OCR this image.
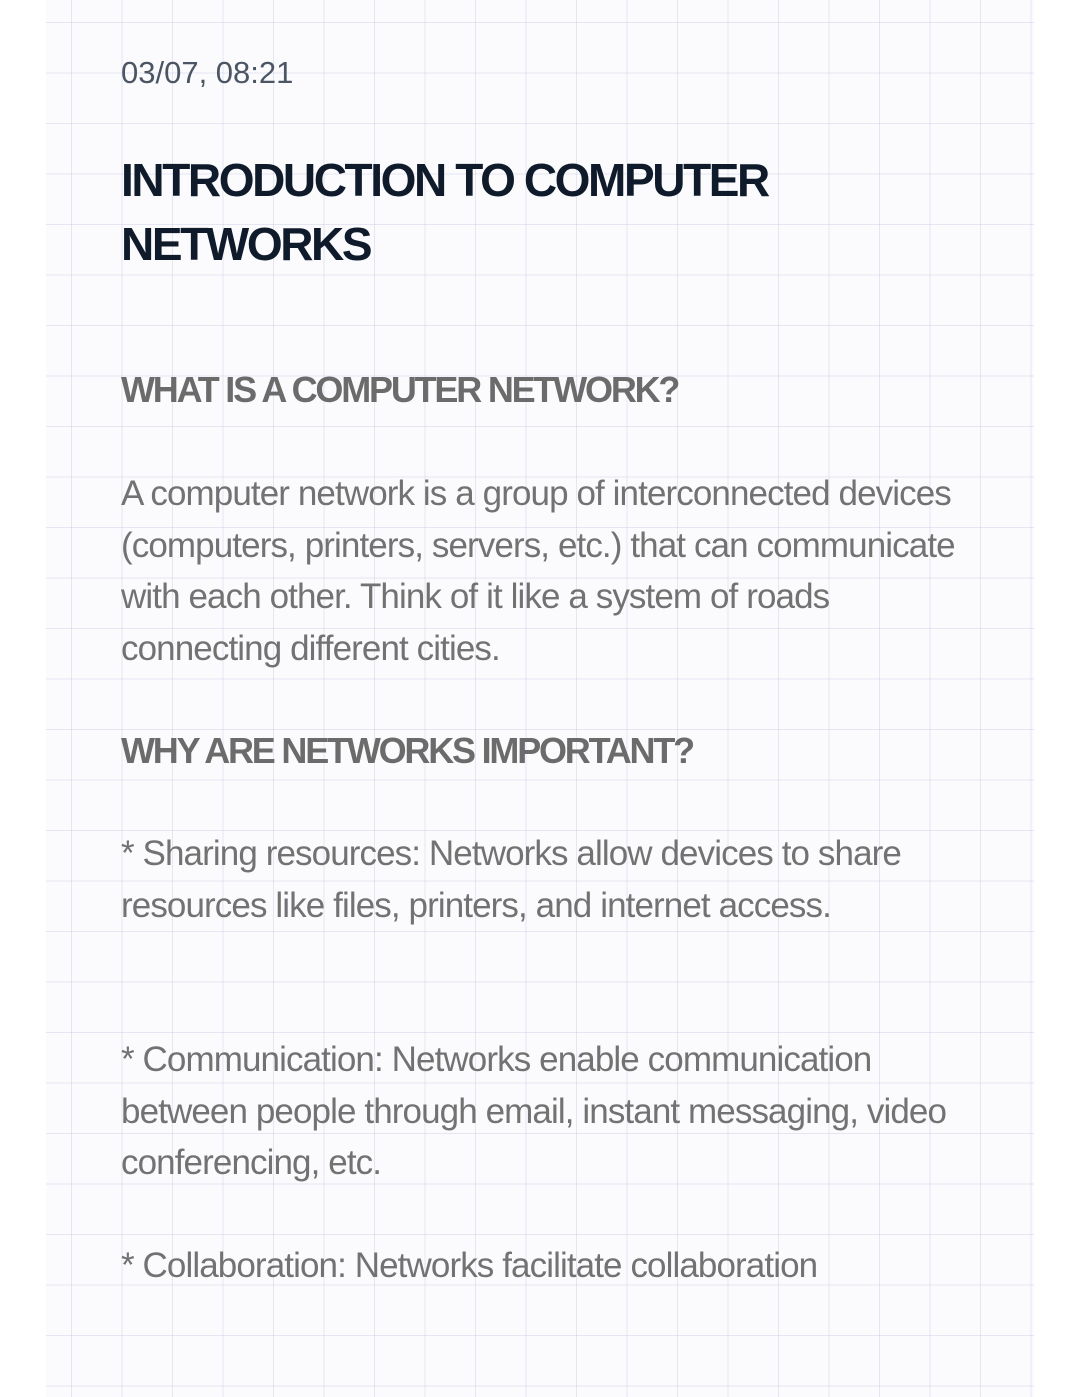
03/07, 08:21

INTRODUCTION TO COMPUTER NETWORKS
WHAT IS A COMPUTER NETWORK?

A computer network is a group of interconnected devices (computers, printers, servers, etc.) that can communicate with each other. Think of it like a system of roads connecting different cities.

WHY ARE NETWORKS IMPORTANT?

* Sharing resources: Networks allow devices to share resources like files, printers, and internet access.

* Communication: Networks enable communication between people through email, instant messaging, video conferencing, etc.

* Collaboration: Networks facilitate collaboration
